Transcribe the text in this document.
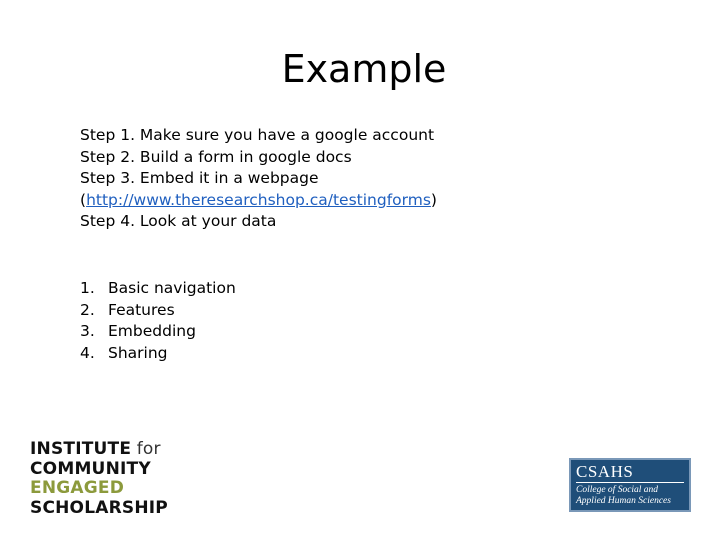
Example
Step 1. Make sure you have a google account
Step 2. Build a form in google docs
Step 3. Embed it in a webpage
(http://www.theresearchshop.ca/testingforms)
Step 4. Look at your data
1. Basic navigation
2. Features
3. Embedding
4. Sharing
INSTITUTE for
COMMUNITY
ENGAGED
SCHOLARSHIP
CSAHS
College of Social and
Applied Human Sciences
